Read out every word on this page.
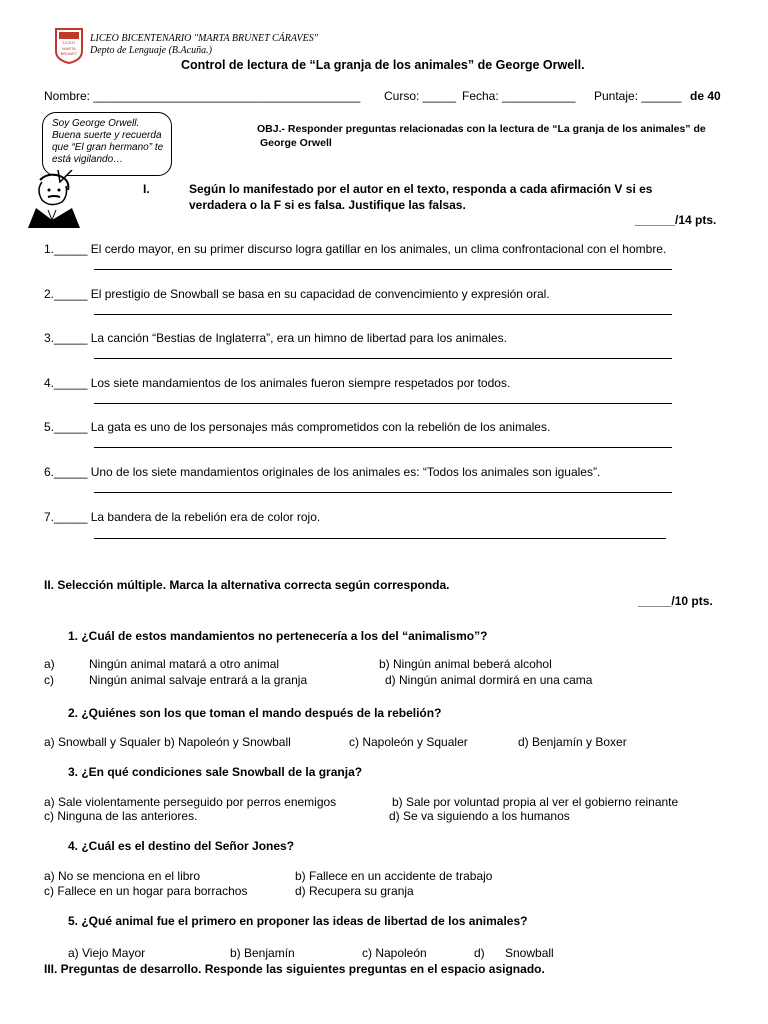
LICEO
MARTA
BRUNET
LICEO BICENTENARIO "MARTA BRUNET CÁRAVES"
Depto de Lenguaje (B.Acuña.)
Control de lectura de “La granja de los animales” de George Orwell.
Nombre: ________________________________________ Curso: _____ Fecha: ___________ Puntaje: ______ de 40
Soy George Orwell. Buena suerte y recuerda que “El gran hermano” te está vigilando…
OBJ.- Responder preguntas relacionadas con la lectura de “La granja de los animales” de
George Orwell
I.	Según lo manifestado por el autor en el texto, responda a cada afirmación V si es
verdadera o la F si es falsa. Justifique las falsas.
______/14 pts.
1._____ El cerdo mayor, en su primer discurso logra gatillar en los animales, un clima confrontacional con el hombre.
2._____ El prestigio de Snowball se basa en su capacidad de convencimiento y expresión oral.
3._____ La canción “Bestias de Inglaterra”, era un himno de libertad para los animales.
4._____ Los siete mandamientos de los animales fueron siempre respetados por todos.
5._____ La gata es uno de los personajes más comprometidos con la rebelión de los animales.
6._____ Uno de los siete mandamientos originales de los animales es: “Todos los animales son iguales”.
7._____ La bandera de la rebelión era de color rojo.
II. Selección múltiple. Marca la alternativa correcta según corresponda.
_____/10 pts.
1. ¿Cuál de estos mandamientos no pertenecería a los del “animalismo”?
a)	Ningún animal matará a otro animal	b) Ningún animal beberá alcohol
c)	Ningún animal salvaje entrará a la granja	d) Ningún animal dormirá en una cama
2. ¿Quiénes son los que toman el mando después de la rebelión?
a) Snowball y Squaler b) Napoleón y Snowball	c) Napoleón y Squaler	d) Benjamín y Boxer
3. ¿En qué condiciones sale Snowball de la granja?
a) Sale violentamente perseguido por perros enemigos	b) Sale por voluntad propia al ver el gobierno reinante
c) Ninguna de las anteriores.	d) Se va siguiendo a los humanos
4. ¿Cuál es el destino del Señor Jones?
a) No se menciona en el libro	b) Fallece en un accidente de trabajo
c) Fallece en un hogar para borrachos	d) Recupera su granja
5. ¿Qué animal fue el primero en proponer las ideas de libertad de los animales?
a) Viejo Mayor	b) Benjamín	c) Napoleón	d) Snowball
III. Preguntas de desarrollo. Responde las siguientes preguntas en el espacio asignado.
